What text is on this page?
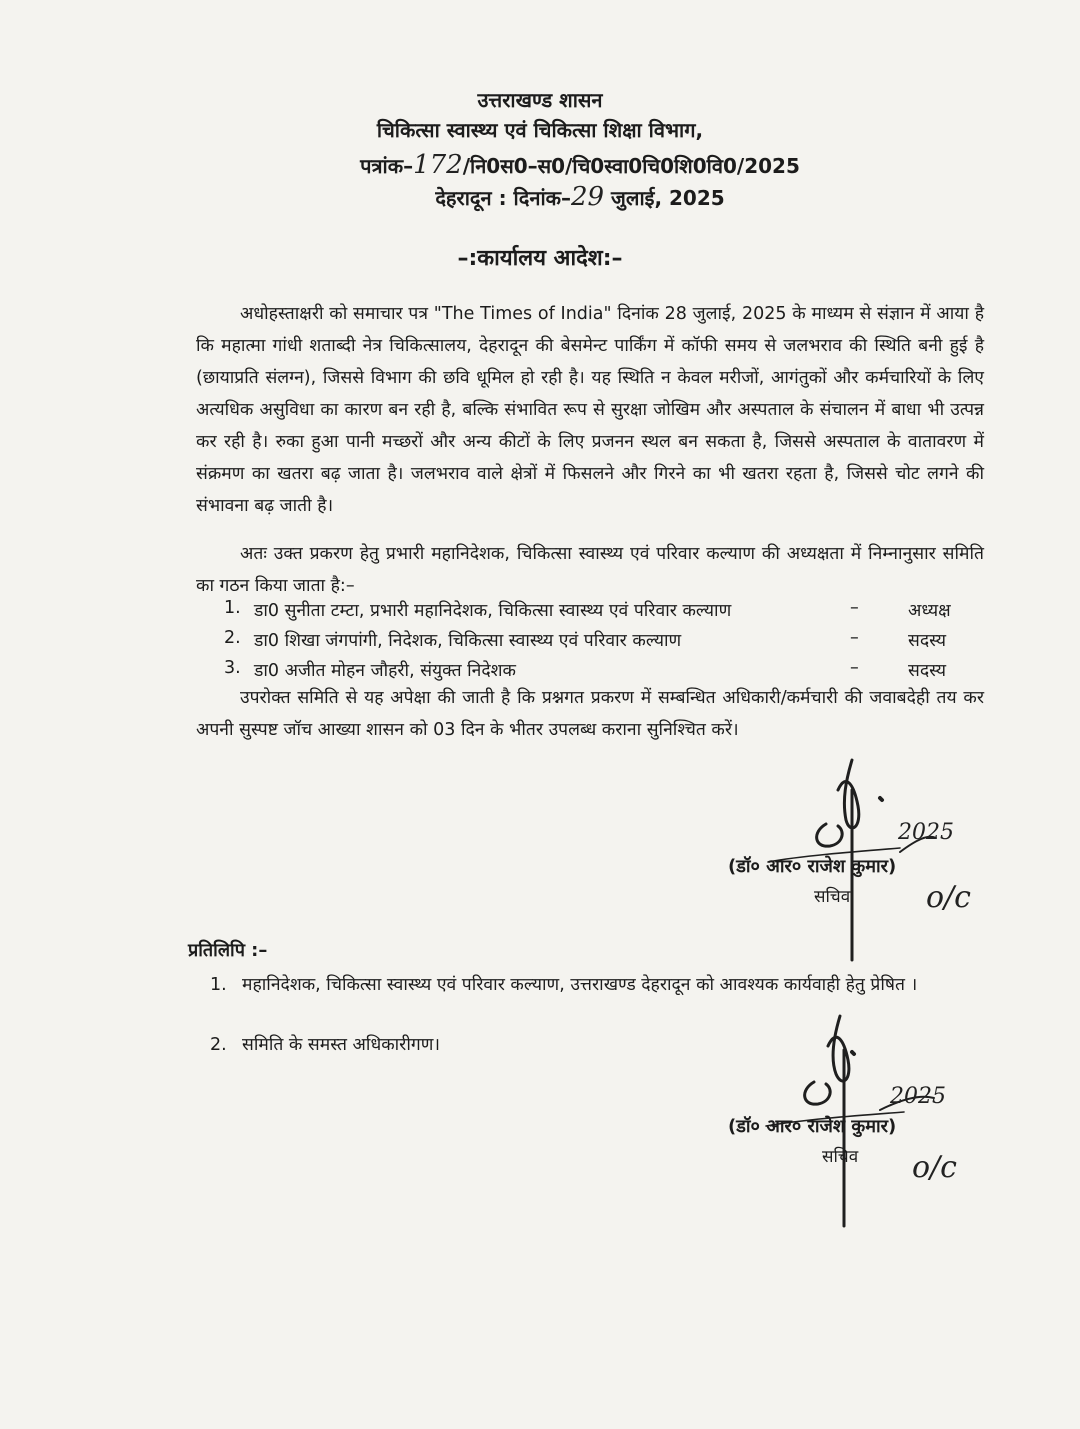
उत्तराखण्ड शासन
चिकित्सा स्वास्थ्य एवं चिकित्सा शिक्षा विभाग,
पत्रांक–172/नि0स0–स0/चि0स्वा0चि0शि0वि0/2025
देहरादून : दिनांक–29 जुलाई, 2025
–:कार्यालय आदेश:–

अधोहस्ताक्षरी को समाचार पत्र "The Times of India" दिनांक 28 जुलाई, 2025 के माध्यम से संज्ञान में आया है कि महात्मा गांधी शताब्दी नेत्र चिकित्सालय, देहरादून की बेसमेन्ट पार्किंग में कॉफी समय से जलभराव की स्थिति बनी हुई है (छायाप्रति संलग्न), जिससे विभाग की छवि धूमिल हो रही है। यह स्थिति न केवल मरीजों, आगंतुकों और कर्मचारियों के लिए अत्यधिक असुविधा का कारण बन रही है, बल्कि संभावित रूप से सुरक्षा जोखिम और अस्पताल के संचालन में बाधा भी उत्पन्न कर रही है। रुका हुआ पानी मच्छरों और अन्य कीटों के लिए प्रजनन स्थल बन सकता है, जिससे अस्पताल के वातावरण में संक्रमण का खतरा बढ़ जाता है। जलभराव वाले क्षेत्रों में फिसलने और गिरने का भी खतरा रहता है, जिससे चोट लगने की संभावना बढ़ जाती है।

अतः उक्त प्रकरण हेतु प्रभारी महानिदेशक, चिकित्सा स्वास्थ्य एवं परिवार कल्याण की अध्यक्षता में निम्नानुसार समिति का गठन किया जाता है:–

1. डा0 सुनीता टम्टा, प्रभारी महानिदेशक, चिकित्सा स्वास्थ्य एवं परिवार कल्याण	–	अध्यक्ष
2. डा0 शिखा जंगपांगी, निदेशक, चिकित्सा स्वास्थ्य एवं परिवार कल्याण	–	सदस्य
3. डा0 अजीत मोहन जौहरी, संयुक्त निदेशक	–	सदस्य

उपरोक्त समिति से यह अपेक्षा की जाती है कि प्रश्नगत प्रकरण में सम्बन्धित अधिकारी/कर्मचारी की जवाबदेही तय कर अपनी सुस्पष्ट जॉच आख्या शासन को 03 दिन के भीतर उपलब्ध कराना सुनिश्चित करें।

o/c
2025
(डॉ० आर० राजेश कुमार)
सचिव
प्रतिलिपि :–
1. महानिदेशक, चिकित्सा स्वास्थ्य एवं परिवार कल्याण, उत्तराखण्ड देहरादून को आवश्यक कार्यवाही हेतु प्रेषित ।
2. समिति के समस्त अधिकारीगण।
o/c
2025
(डॉ० आर० राजेश कुमार)
सचिव
